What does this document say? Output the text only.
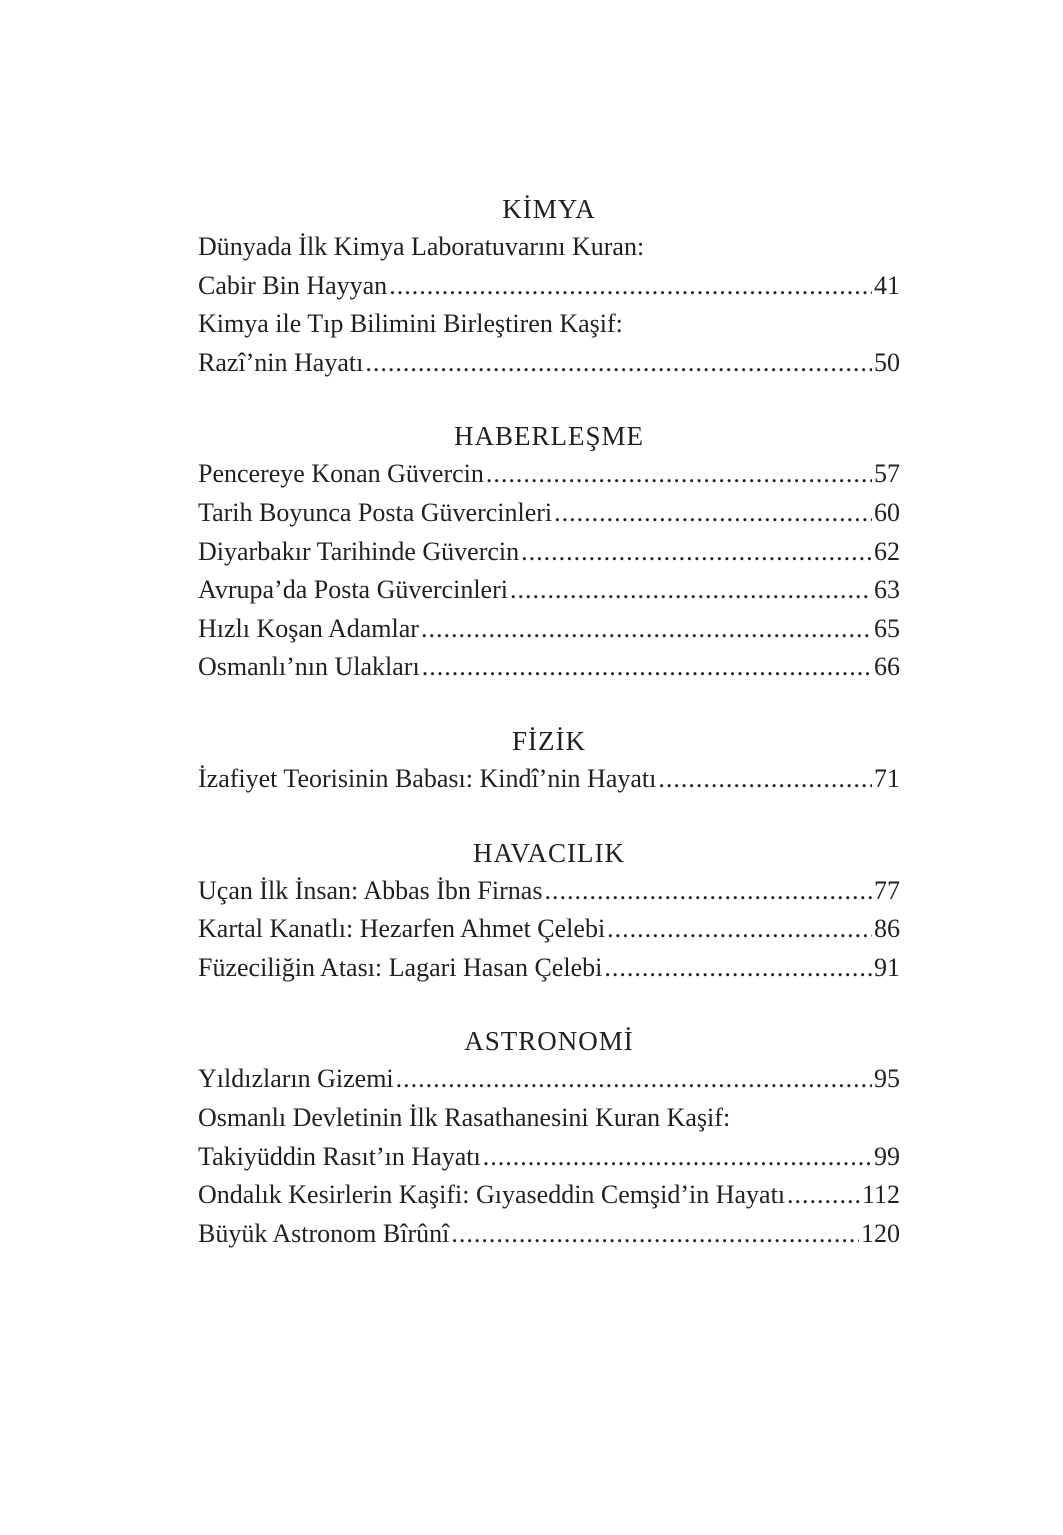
KİMYA
Dünyada İlk Kimya Laboratuvarını Kuran:
Cabir Bin Hayyan .....	41
Kimya ile Tıp Bilimini Birleştiren Kaşif:
Razî’nin Hayatı .....	50
HABERLEŞME
Pencereye Konan Güvercin .....	57
Tarih Boyunca Posta Güvercinleri .....	60
Diyarbakır Tarihinde Güvercin .....	62
Avrupa’da Posta Güvercinleri .....	63
Hızlı Koşan Adamlar .....	65
Osmanlı’nın Ulakları .....	66
FİZİK
İzafiyet Teorisinin Babası: Kindî’nin Hayatı .....	71
HAVACILIK
Uçan İlk İnsan: Abbas İbn Firnas .....	77
Kartal Kanatlı: Hezarfen Ahmet Çelebi .....	86
Füzeciliğin Atası: Lagari Hasan Çelebi .....	91
ASTRONOMİ
Yıldızların Gizemi .....	95
Osmanlı Devletinin İlk Rasathanesini Kuran Kaşif:
Takiyüddin Rasıt’ın Hayatı .....	99
Ondalık Kesirlerin Kaşifi: Gıyaseddin Cemşid’in Hayatı .....	112
Büyük Astronom Bîrûnî .....	120
